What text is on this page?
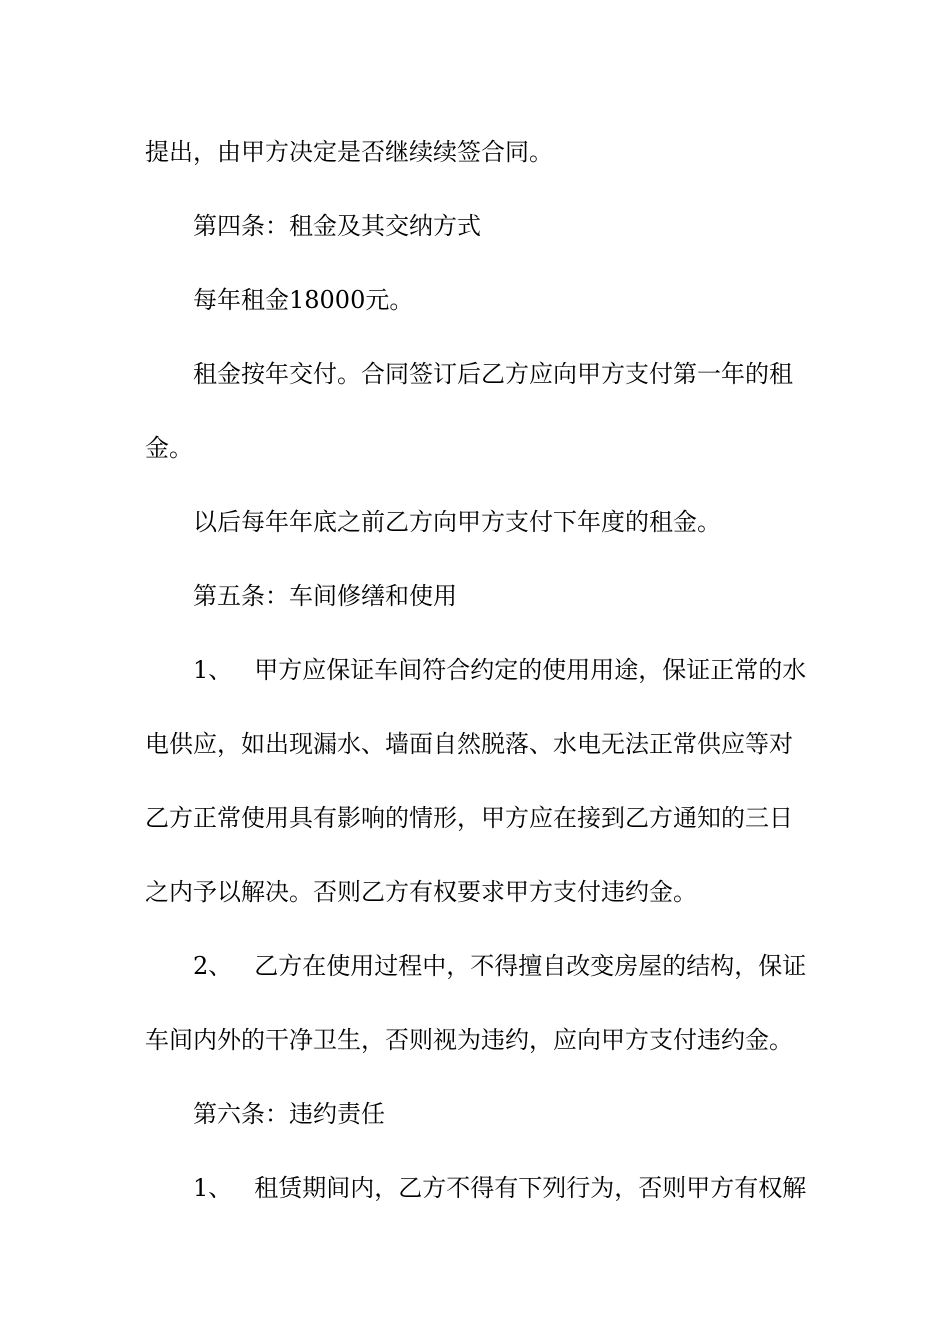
提出，由甲方决定是否继续续签合同。
第四条：租金及其交纳方式
每年租金18000元。
租金按年交付。合同签订后乙方应向甲方支付第一年的租
金。
以后每年年底之前乙方向甲方支付下年度的租金。
第五条：车间修缮和使用
1、 甲方应保证车间符合约定的使用用途，保证正常的水
电供应，如出现漏水、墙面自然脱落、水电无法正常供应等对
乙方正常使用具有影响的情形，甲方应在接到乙方通知的三日
之内予以解决。否则乙方有权要求甲方支付违约金。
2、 乙方在使用过程中，不得擅自改变房屋的结构，保证
车间内外的干净卫生，否则视为违约，应向甲方支付违约金。
第六条：违约责任
1、 租赁期间内，乙方不得有下列行为，否则甲方有权解
